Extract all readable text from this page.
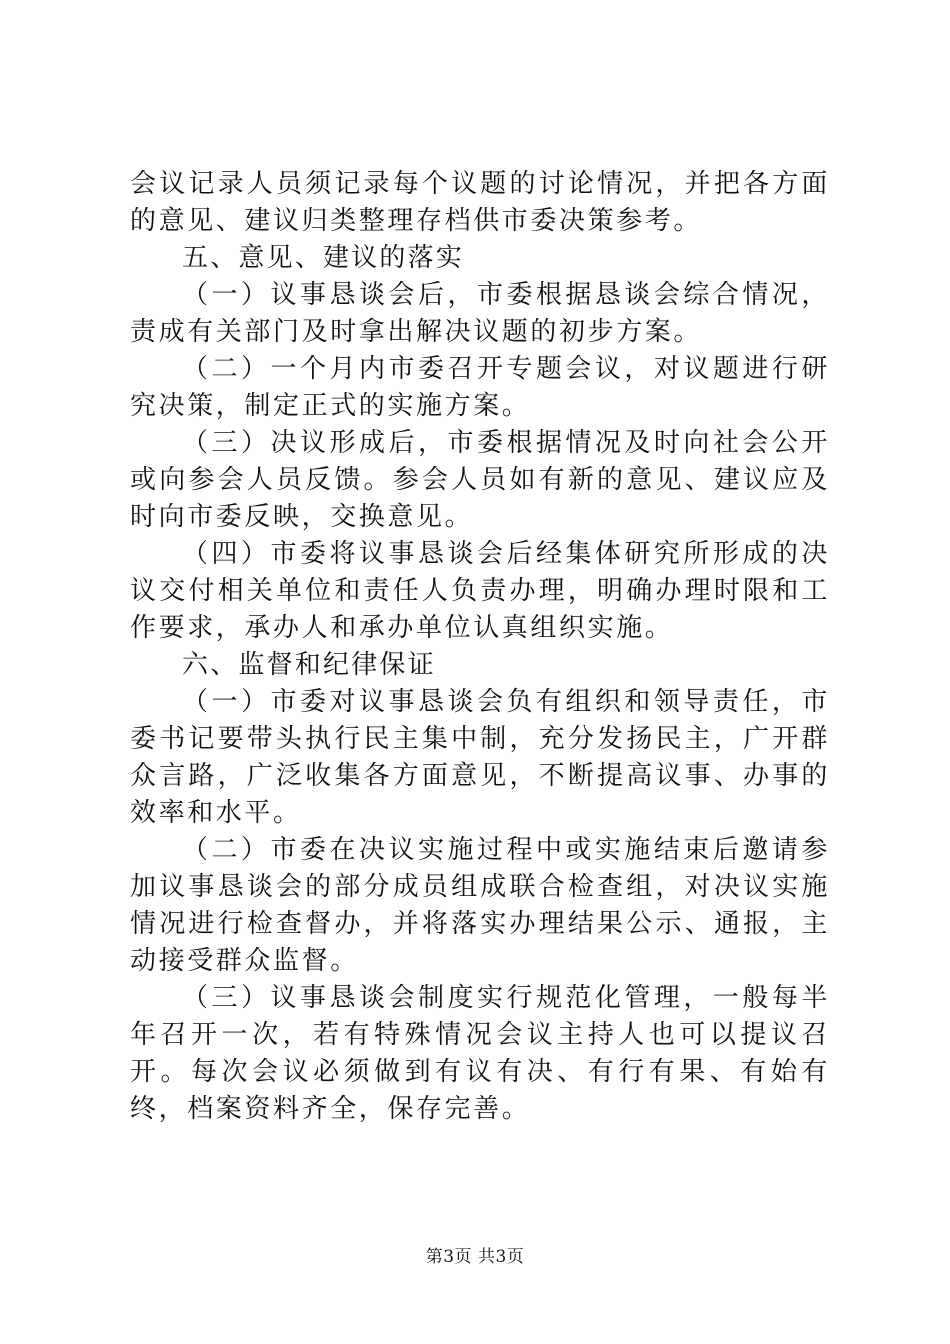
会议记录人员须记录每个议题的讨论情况，并把各方面的意见、建议归类整理存档供市委决策参考。

五、意见、建议的落实

（一）议事恳谈会后，市委根据恳谈会综合情况，责成有关部门及时拿出解决议题的初步方案。

（二）一个月内市委召开专题会议，对议题进行研究决策，制定正式的实施方案。

（三）决议形成后，市委根据情况及时向社会公开或向参会人员反馈。参会人员如有新的意见、建议应及时向市委反映，交换意见。

（四）市委将议事恳谈会后经集体研究所形成的决议交付相关单位和责任人负责办理，明确办理时限和工作要求，承办人和承办单位认真组织实施。

六、监督和纪律保证

（一）市委对议事恳谈会负有组织和领导责任，市委书记要带头执行民主集中制，充分发扬民主，广开群众言路，广泛收集各方面意见，不断提高议事、办事的效率和水平。

（二）市委在决议实施过程中或实施结束后邀请参加议事恳谈会的部分成员组成联合检查组，对决议实施情况进行检查督办，并将落实办理结果公示、通报，主动接受群众监督。

（三）议事恳谈会制度实行规范化管理，一般每半年召开一次，若有特殊情况会议主持人也可以提议召开。每次会议必须做到有议有决、有行有果、有始有终，档案资料齐全，保存完善。

第3页 共3页
